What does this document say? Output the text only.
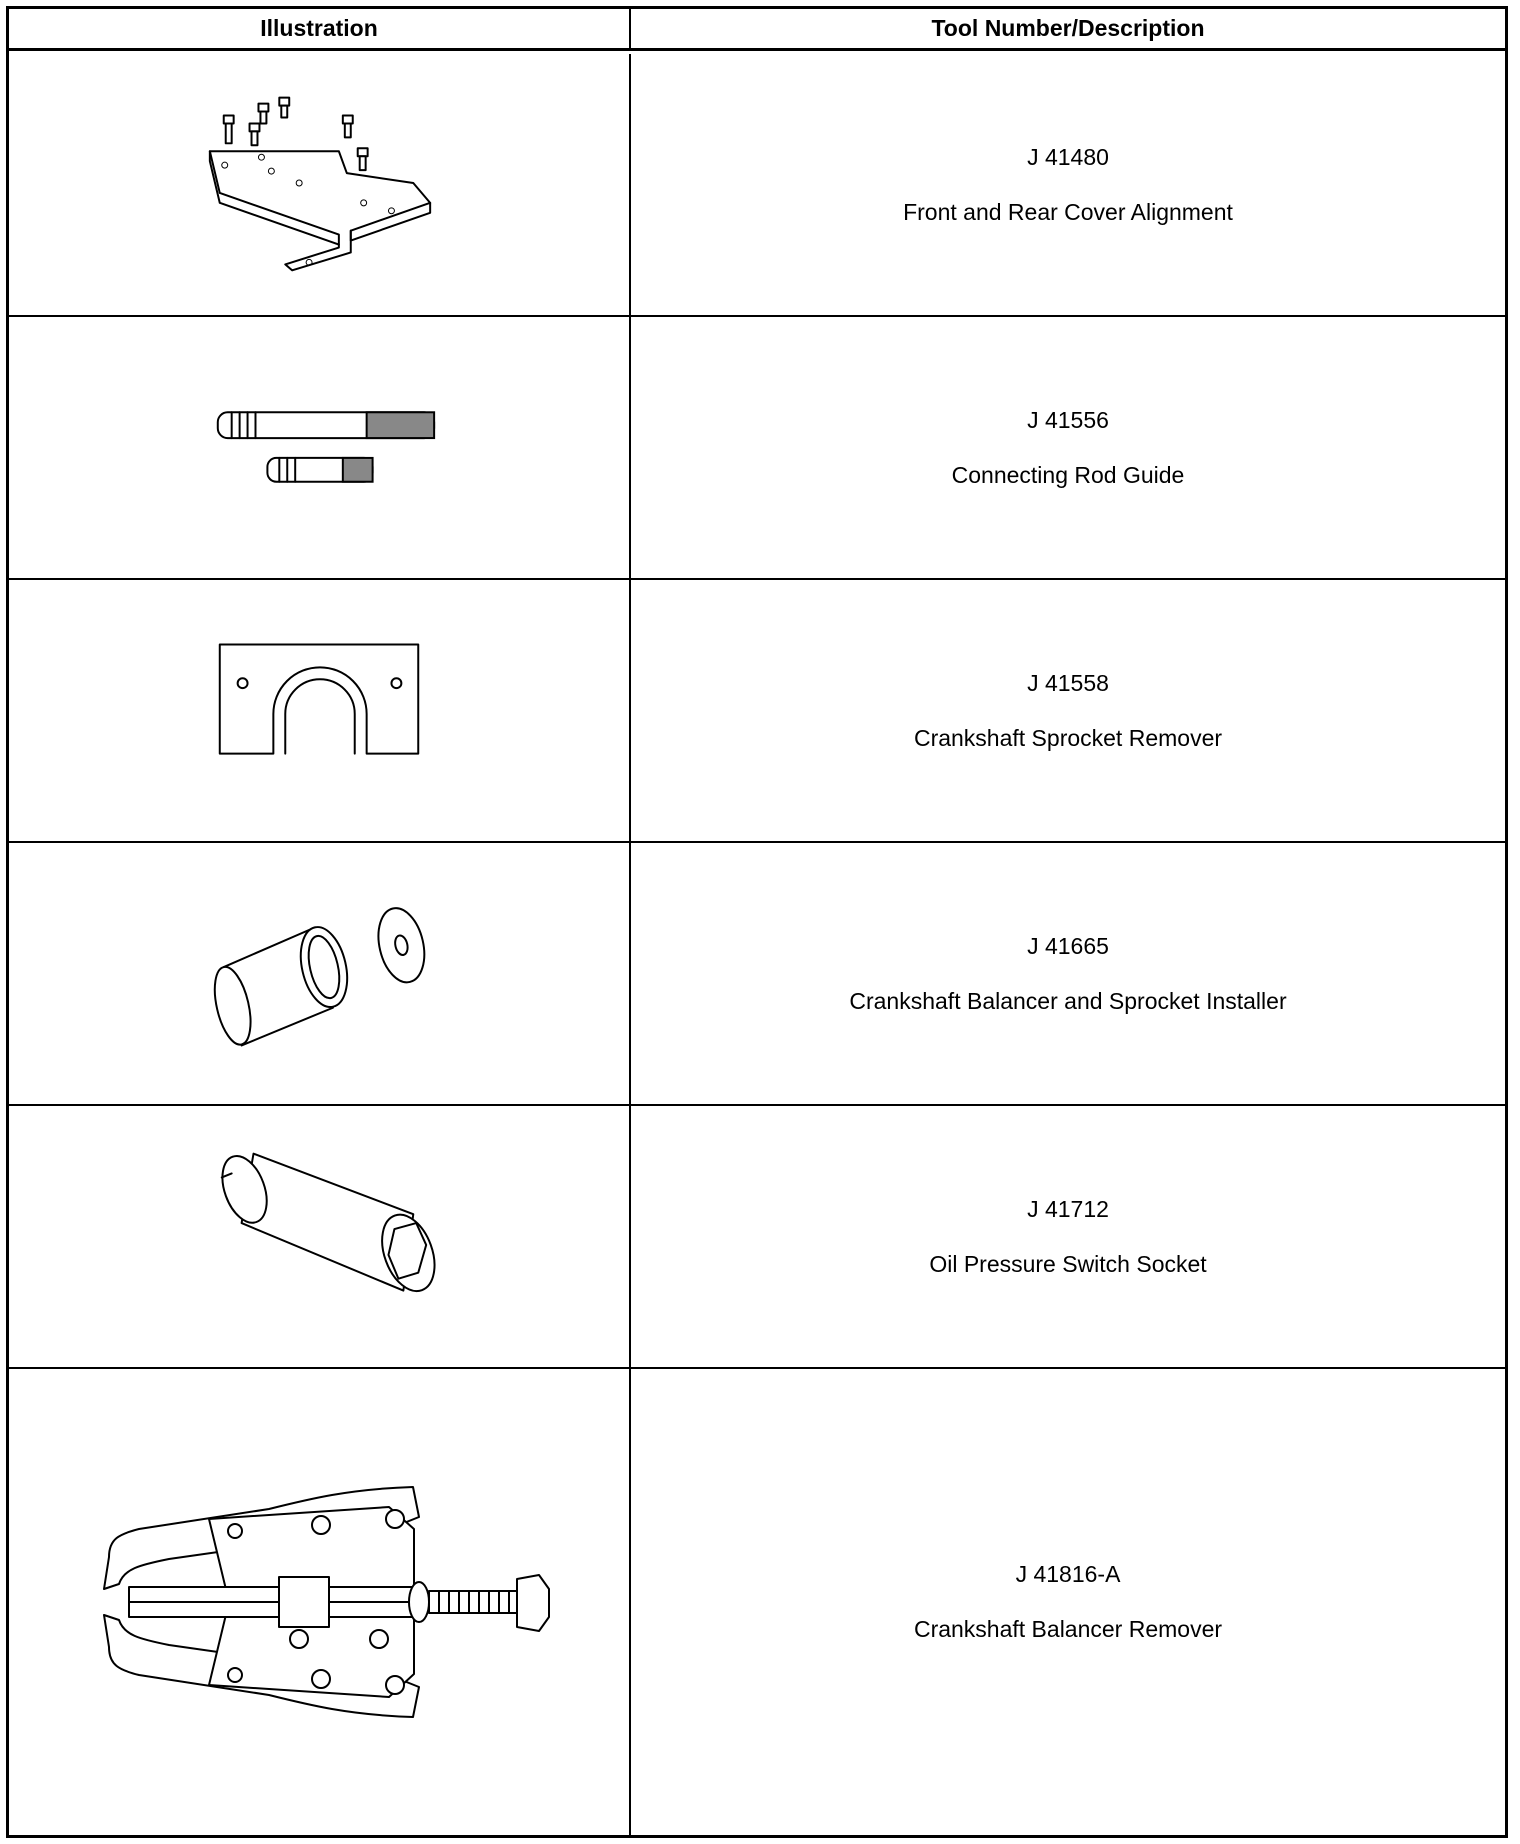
Illustration	Tool Number/Description
J 41480
Front and Rear Cover Alignment
J 41556
Connecting Rod Guide
J 41558
Crankshaft Sprocket Remover
J 41665
Crankshaft Balancer and Sprocket Installer
J 41712
Oil Pressure Switch Socket
J 41816-A
Crankshaft Balancer Remover
